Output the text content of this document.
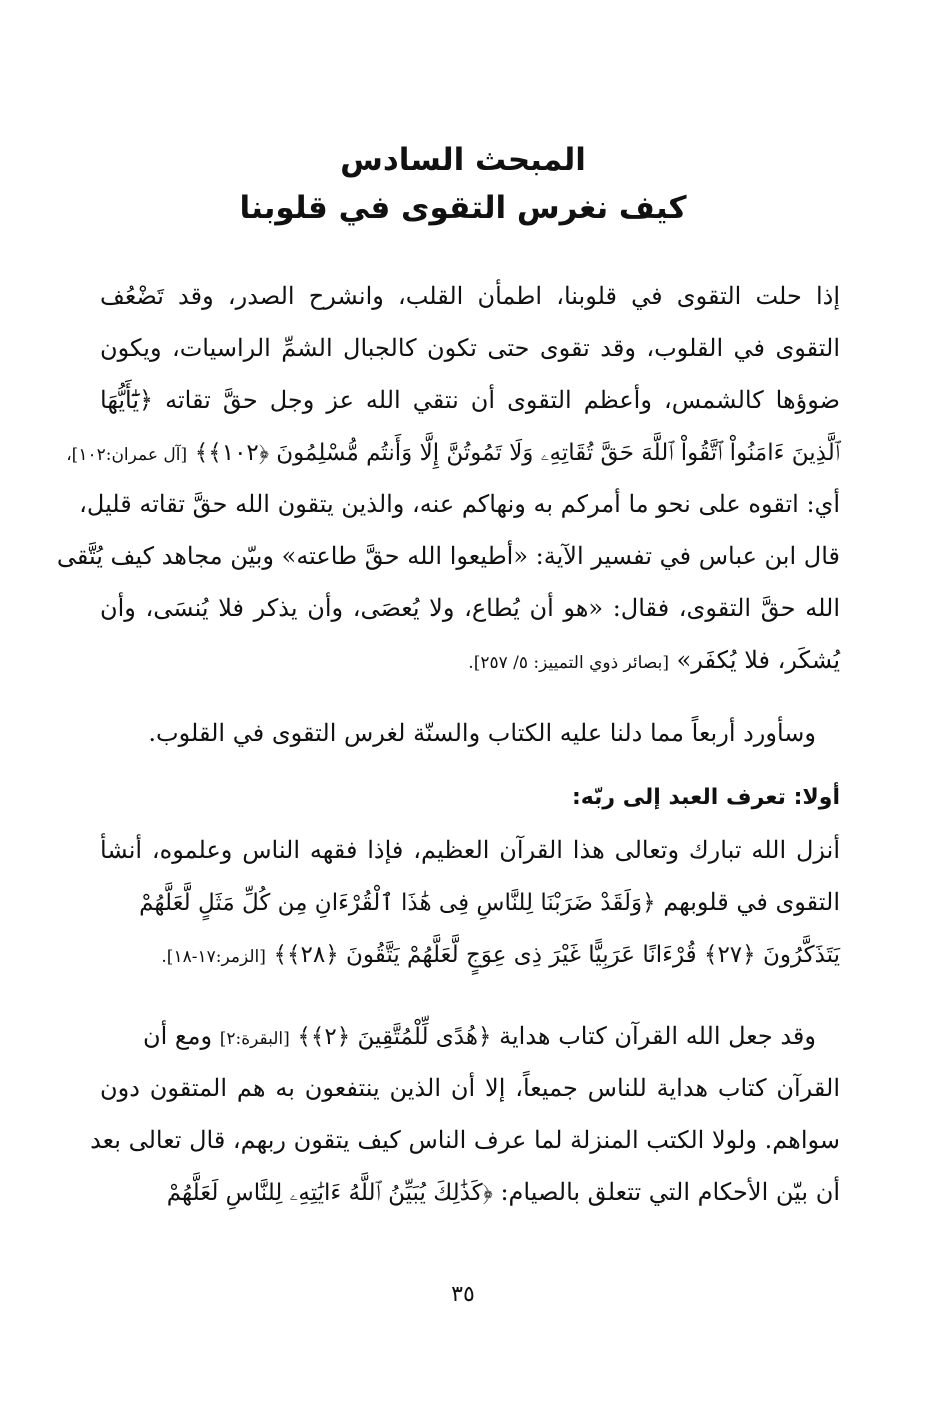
المبحث السادس

كيف نغرس التقوى في قلوبنا

إذا حلت التقوى في قلوبنا، اطمأن القلب، وانشرح الصدر، وقد تَضْعُف
التقوى في القلوب، وقد تقوى حتى تكون كالجبال الشمِّ الراسيات، ويكون
ضوؤها كالشمس، وأعظم التقوى أن نتقي الله عز وجل حقَّ تقاته ﴿يَٰٓأَيُّهَا
ٱلَّذِينَ ءَامَنُواْ ٱتَّقُواْ ٱللَّهَ حَقَّ تُقَاتِهِۦ وَلَا تَمُوتُنَّ إِلَّا وَأَنتُم مُّسْلِمُونَ ﴿١٠٢﴾﴾ [آل عمران:١٠٢]،
أي: اتقوه على نحو ما أمركم به ونهاكم عنه، والذين يتقون الله حقَّ تقاته قليل،
قال ابن عباس في تفسير الآية: «أطيعوا الله حقَّ طاعته» وبيّن مجاهد كيف يُتَّقى
الله حقَّ التقوى، فقال: «هو أن يُطاع، ولا يُعصَى، وأن يذكر فلا يُنسَى، وأن
يُشكَر، فلا يُكفَر» [بصائر ذوي التمييز: ٥/ ٢٥٧].
وسأورد أربعاً مما دلنا عليه الكتاب والسنّة لغرس التقوى في القلوب.
أولا: تعرف العبد إلى ربّه:
أنزل الله تبارك وتعالى هذا القرآن العظيم، فإذا فقهه الناس وعلموه، أنشأ
التقوى في قلوبهم ﴿وَلَقَدْ ضَرَبْنَا لِلنَّاسِ فِى هَٰذَا ٱلْقُرْءَانِ مِن كُلِّ مَثَلٍ لَّعَلَّهُمْ
يَتَذَكَّرُونَ ﴿٢٧﴾ قُرْءَانًا عَرَبِيًّا غَيْرَ ذِى عِوَجٍ لَّعَلَّهُمْ يَتَّقُونَ ﴿٢٨﴾﴾ [الزمر:١٧-١٨].
وقد جعل الله القرآن كتاب هداية ﴿هُدًى لِّلْمُتَّقِينَ ﴿٢﴾﴾ [البقرة:٢] ومع أن
القرآن كتاب هداية للناس جميعاً، إلا أن الذين ينتفعون به هم المتقون دون
سواهم. ولولا الكتب المنزلة لما عرف الناس كيف يتقون ربهم، قال تعالى بعد
أن بيّن الأحكام التي تتعلق بالصيام: ﴿كَذَٰلِكَ يُبَيِّنُ ٱللَّهُ ءَايَٰتِهِۦ لِلنَّاسِ لَعَلَّهُمْ
٣٥
